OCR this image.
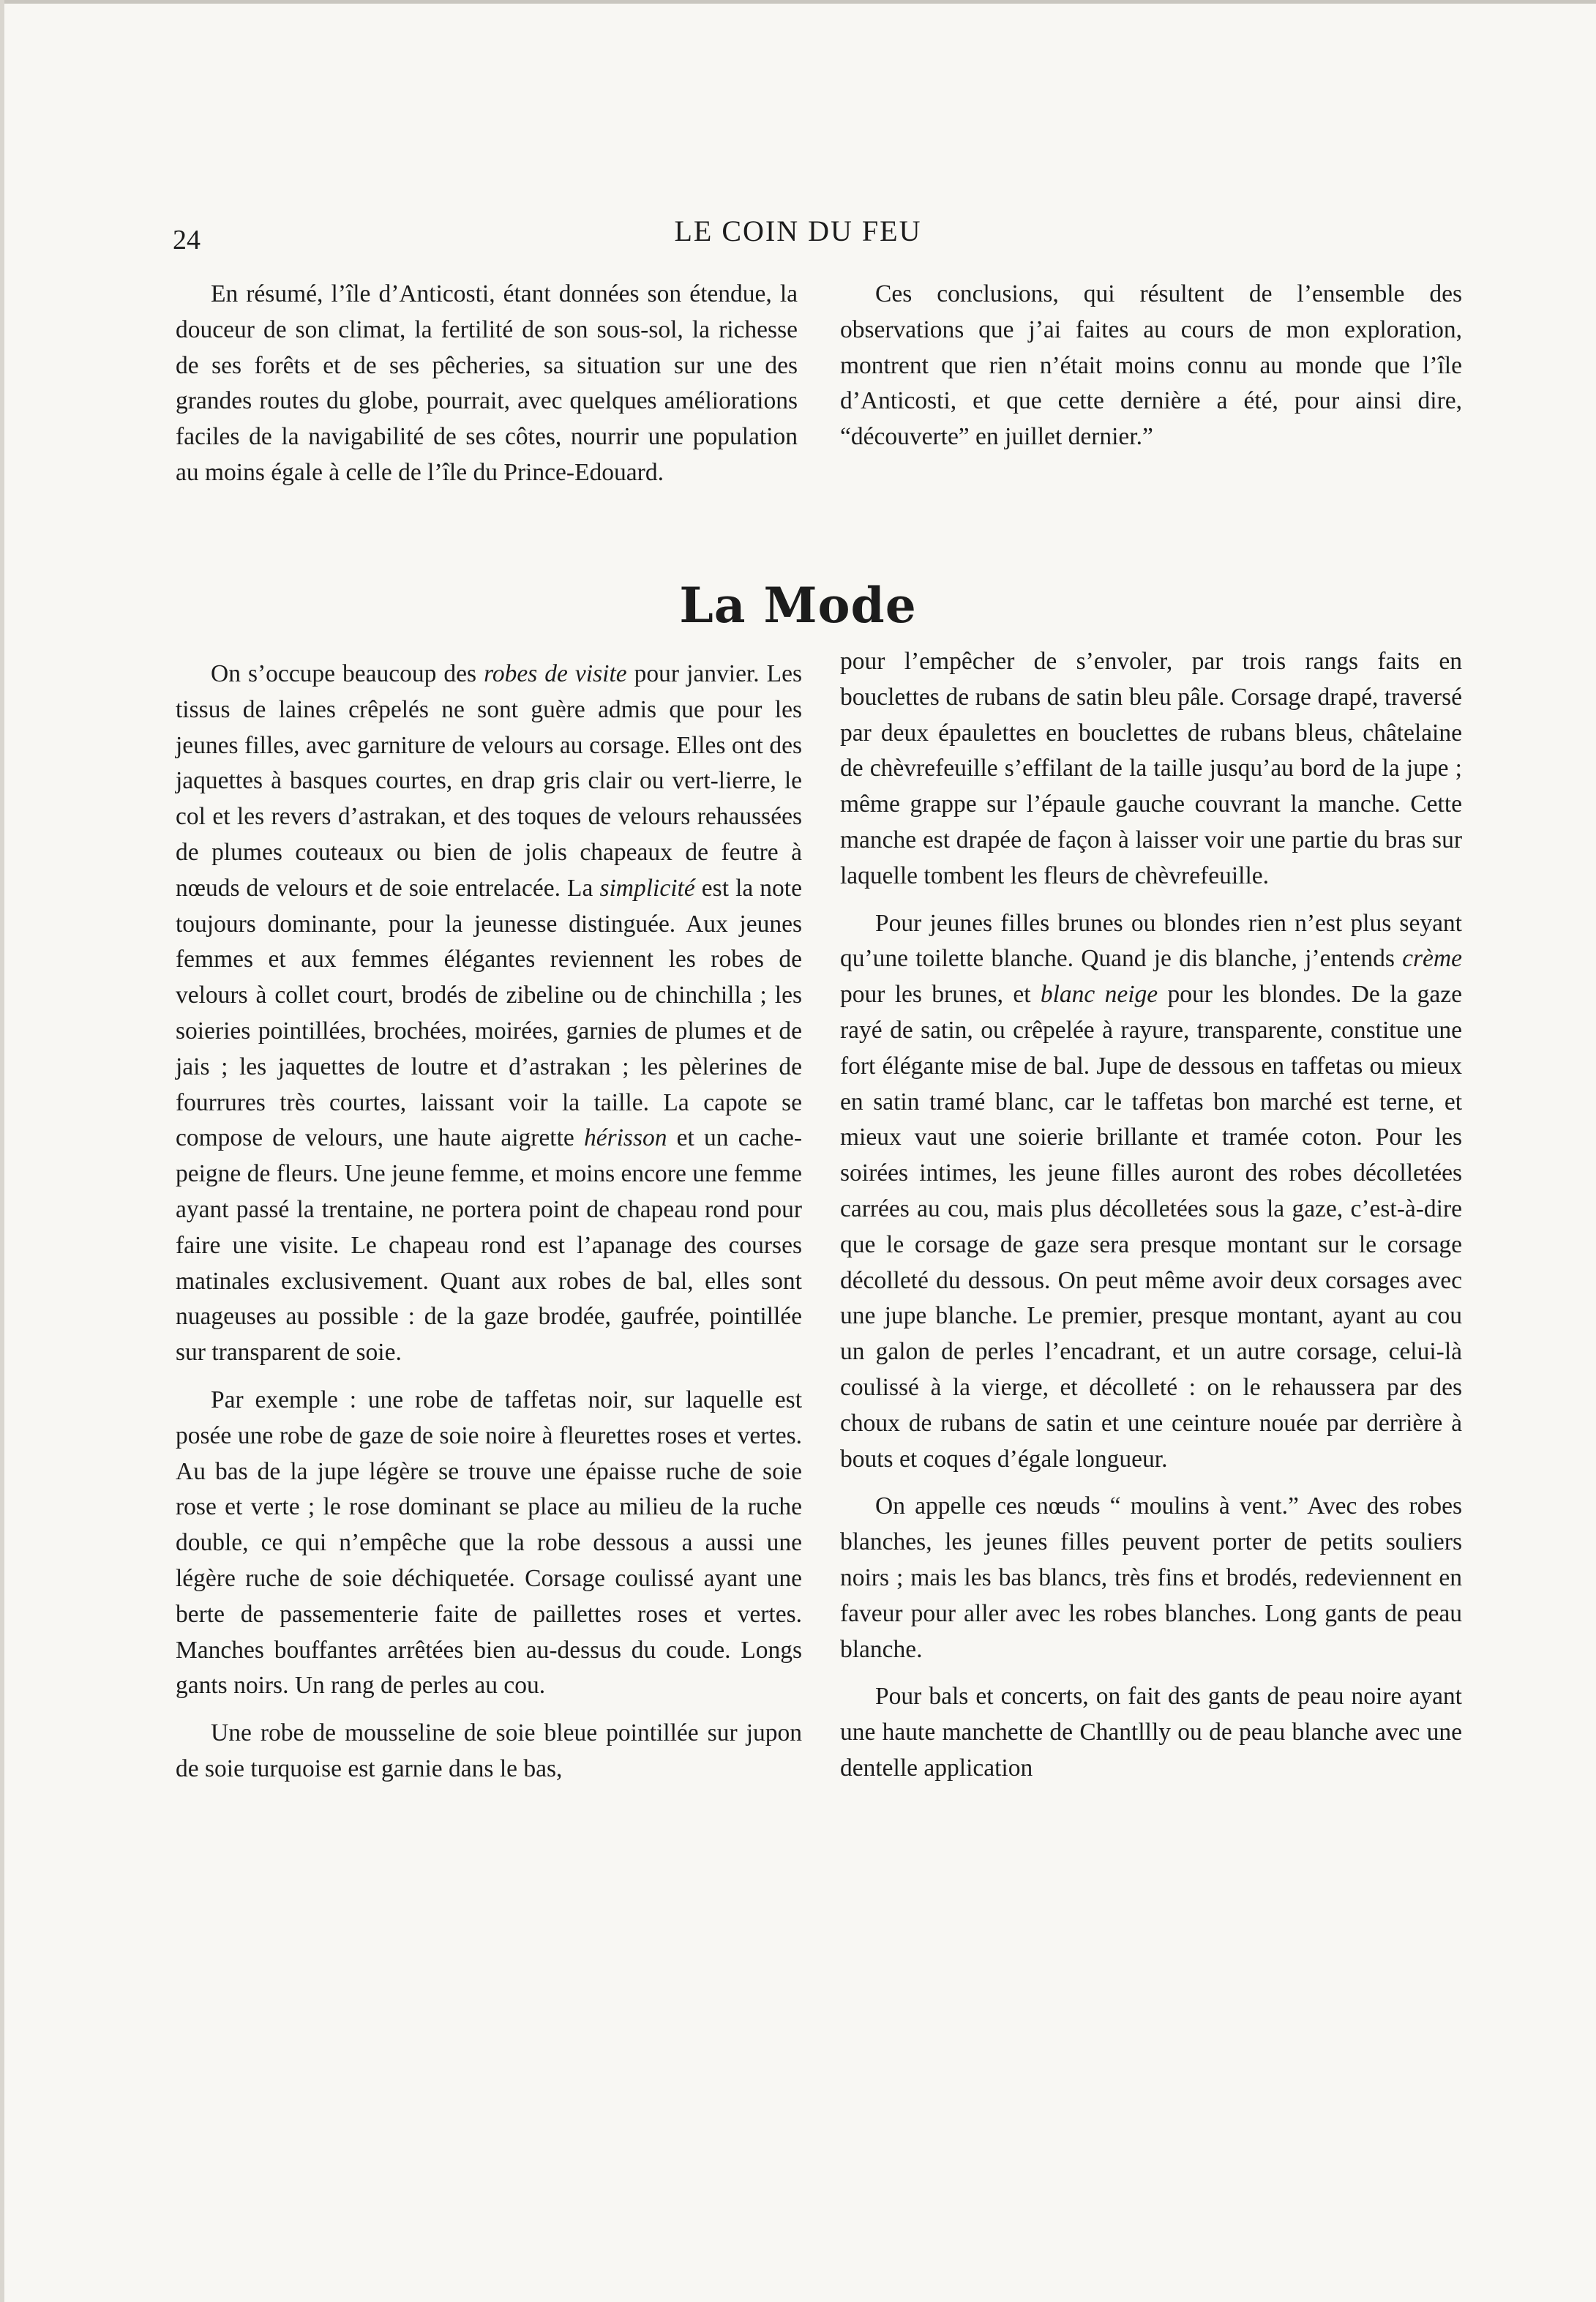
24	LE COIN DU FEU

En résumé, l’île d’Anticosti, étant données son étendue, la douceur de son climat, la fertilité de son sous-sol, la richesse de ses forêts et de ses pêcheries, sa situation sur une des grandes routes du globe, pourrait, avec quelques améliorations faciles de la navigabilité de ses côtes, nourrir une population au moins égale à celle de l’île du Prince-Edouard.

Ces conclusions, qui résultent de l’ensemble des observations que j’ai faites au cours de mon exploration, montrent que rien n’était moins connu au monde que l’île d’Anticosti, et que cette dernière a été, pour ainsi dire, “découverte” en juillet dernier.”

La Mode

On s’occupe beaucoup des robes de visite pour janvier. Les tissus de laines crêpelés ne sont guère admis que pour les jeunes filles, avec garniture de velours au corsage. Elles ont des jaquettes à basques courtes, en drap gris clair ou vert-lierre, le col et les revers d’astrakan, et des toques de velours rehaussées de plumes couteaux ou bien de jolis chapeaux de feutre à nœuds de velours et de soie entrelacée. La simplicité est la note toujours dominante, pour la jeunesse distinguée. Aux jeunes femmes et aux femmes élégantes reviennent les robes de velours à collet court, brodés de zibeline ou de chinchilla ; les soieries pointillées, brochées, moirées, garnies de plumes et de jais ; les jaquettes de loutre et d’astrakan ; les pèlerines de fourrures très courtes, laissant voir la taille. La capote se compose de velours, une haute aigrette hérisson et un cache-peigne de fleurs. Une jeune femme, et moins encore une femme ayant passé la trentaine, ne portera point de chapeau rond pour faire une visite. Le chapeau rond est l’apanage des courses matinales exclusivement. Quant aux robes de bal, elles sont nuageuses au possible : de la gaze brodée, gaufrée, pointillée sur transparent de soie.

Par exemple : une robe de taffetas noir, sur laquelle est posée une robe de gaze de soie noire à fleurettes roses et vertes. Au bas de la jupe légère se trouve une épaisse ruche de soie rose et verte ; le rose dominant se place au milieu de la ruche double, ce qui n’empêche que la robe dessous a aussi une légère ruche de soie déchiquetée. Corsage coulissé ayant une berte de passementerie faite de paillettes roses et vertes. Manches bouffantes arrêtées bien au-dessus du coude. Longs gants noirs. Un rang de perles au cou.

Une robe de mousseline de soie bleue pointillée sur jupon de soie turquoise est garnie dans le bas,

pour l’empêcher de s’envoler, par trois rangs faits en bouclettes de rubans de satin bleu pâle. Corsage drapé, traversé par deux épaulettes en bouclettes de rubans bleus, châtelaine de chèvrefeuille s’effilant de la taille jusqu’au bord de la jupe ; même grappe sur l’épaule gauche couvrant la manche. Cette manche est drapée de façon à laisser voir une partie du bras sur laquelle tombent les fleurs de chèvrefeuille.

Pour jeunes filles brunes ou blondes rien n’est plus seyant qu’une toilette blanche. Quand je dis blanche, j’entends crème pour les brunes, et blanc neige pour les blondes. De la gaze rayé de satin, ou crêpelée à rayure, transparente, constitue une fort élégante mise de bal. Jupe de dessous en taffetas ou mieux en satin tramé blanc, car le taffetas bon marché est terne, et mieux vaut une soierie brillante et tramée coton. Pour les soirées intimes, les jeune filles auront des robes décolletées carrées au cou, mais plus décolletées sous la gaze, c’est-à-dire que le corsage de gaze sera presque montant sur le corsage décolleté du dessous. On peut même avoir deux corsages avec une jupe blanche. Le premier, presque montant, ayant au cou un galon de perles l’encadrant, et un autre corsage, celui-là coulissé à la vierge, et décolleté : on le rehaussera par des choux de rubans de satin et une ceinture nouée par derrière à bouts et coques d’égale longueur.

On appelle ces nœuds “ moulins à vent.” Avec des robes blanches, les jeunes filles peuvent porter de petits souliers noirs ; mais les bas blancs, très fins et brodés, redeviennent en faveur pour aller avec les robes blanches. Long gants de peau blanche.

Pour bals et concerts, on fait des gants de peau noire ayant une haute manchette de Chantllly ou de peau blanche avec une dentelle application
